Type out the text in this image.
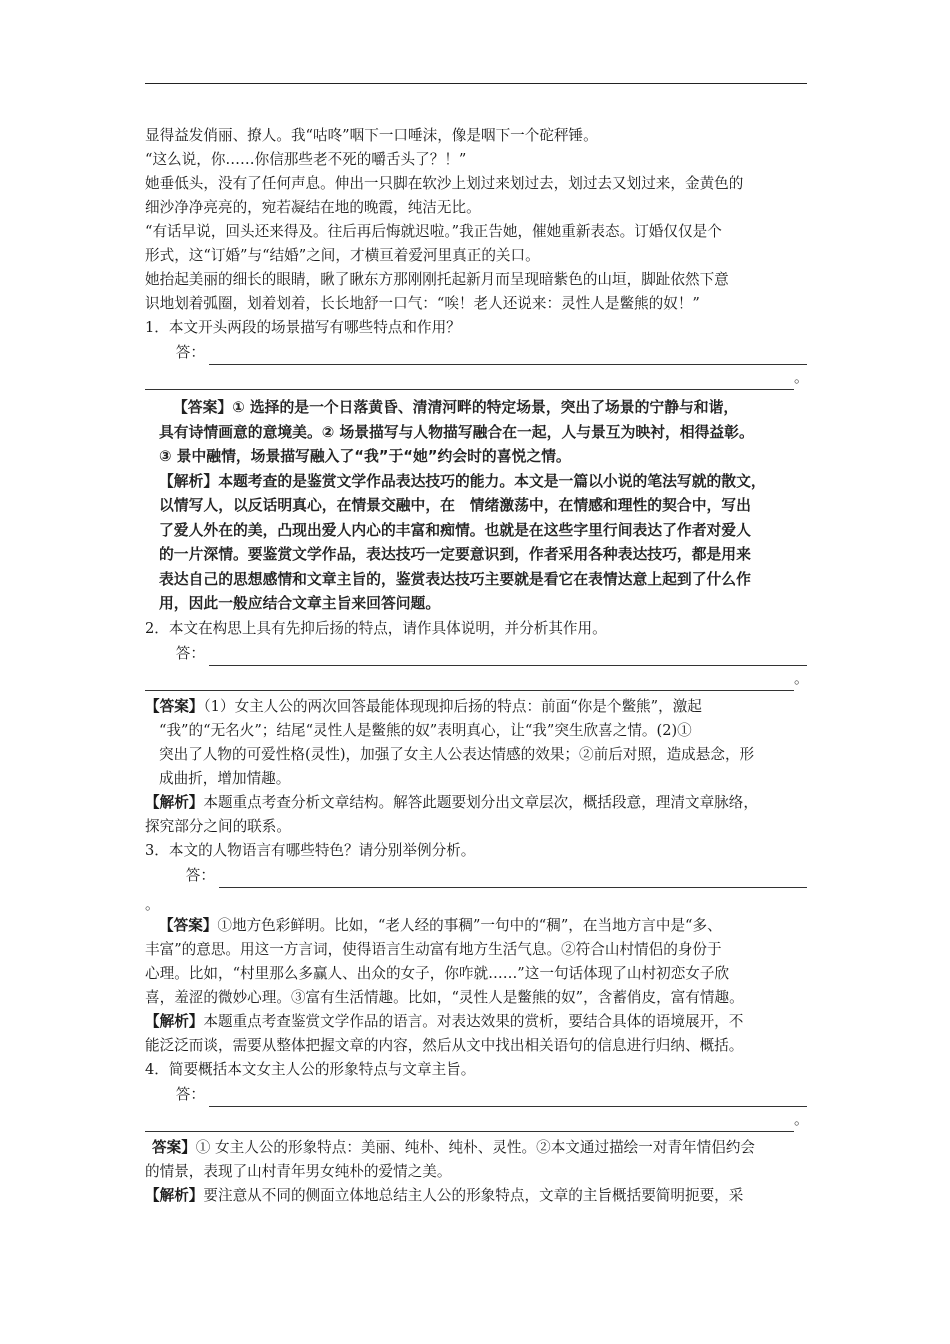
显得益发俏丽、撩人。我“咕咚”咽下一口唾沫，像是咽下一个砣秤锤。

“这么说，你……你信那些老不死的嚼舌头了？！”

她垂低头，没有了任何声息。伸出一只脚在软沙上划过来划过去，划过去又划过来，金黄色的

细沙净净亮亮的，宛若凝结在地的晚霞，纯洁无比。

“有话早说，回头还来得及。往后再后悔就迟啦。”我正告她，催她重新表态。订婚仅仅是个

形式，这“订婚”与“结婚”之间，才横亘着爱河里真正的关口。

她抬起美丽的细长的眼睛，瞅了瞅东方那刚刚托起新月而呈现暗紫色的山垣，脚趾依然下意

识地划着弧圈，划着划着，长长地舒一口气：“唉！老人还说来：灵性人是鳖熊的奴！”

1．本文开头两段的场景描写有哪些特点和作用？

答：
。

【答案】① 选择的是一个日落黄昏、清清河畔的特定场景，突出了场景的宁静与和谐，

具有诗情画意的意境美。② 场景描写与人物描写融合在一起，人与景互为映衬，相得益彰。

③ 景中融情，场景描写融入了“我”于“她”约会时的喜悦之情。

【解析】本题考查的是鉴赏文学作品表达技巧的能力。本文是一篇以小说的笔法写就的散文，

以情写人，以反话明真心，在情景交融中，在　情绪激荡中，在情感和理性的契合中，写出

了爱人外在的美，凸现出爱人内心的丰富和痴情。也就是在这些字里行间表达了作者对爱人

的一片深情。要鉴赏文学作品，表达技巧一定要意识到，作者采用各种表达技巧，都是用来

表达自己的思想感情和文章主旨的，鉴赏表达技巧主要就是看它在表情达意上起到了什么作

用，因此一般应结合文章主旨来回答问题。

2．本文在构思上具有先抑后扬的特点，请作具体说明，并分析其作用。

答：
。

【答案】（1）女主人公的两次回答最能体现现抑后扬的特点：前面“你是个鳖熊”，激起

“我”的“无名火”；结尾“灵性人是鳖熊的奴”表明真心，让“我”突生欣喜之情。(2)①

突出了人物的可爱性格(灵性)，加强了女主人公表达情感的效果；②前后对照，造成悬念，形

成曲折，增加情趣。

【解析】本题重点考查分析文章结构。解答此题要划分出文章层次，概括段意，理清文章脉络，

探究部分之间的联系。

3．本文的人物语言有哪些特色？请分别举例分析。

答：

。

【答案】①地方色彩鲜明。比如，“老人经的事稠”一句中的“稠”，在当地方言中是“多、

丰富”的意思。用这一方言词，使得语言生动富有地方生活气息。②符合山村情侣的身份于

心理。比如，“村里那么多赢人、出众的女子，你咋就……”这一句话体现了山村初恋女子欣

喜，羞涩的微妙心理。③富有生活情趣。比如，“灵性人是鳖熊的奴”，含蓄俏皮，富有情趣。

【解析】本题重点考查鉴赏文学作品的语言。对表达效果的赏析，要结合具体的语境展开，不

能泛泛而谈，需要从整体把握文章的内容，然后从文中找出相关语句的信息进行归纳、概括。

4．简要概括本文女主人公的形象特点与文章主旨。

答：
。

答案】① 女主人公的形象特点：美丽、纯朴、纯朴、灵性。②本文通过描绘一对青年情侣约会

的情景，表现了山村青年男女纯朴的爱情之美。

【解析】要注意从不同的侧面立体地总结主人公的形象特点，文章的主旨概括要简明扼要，采
